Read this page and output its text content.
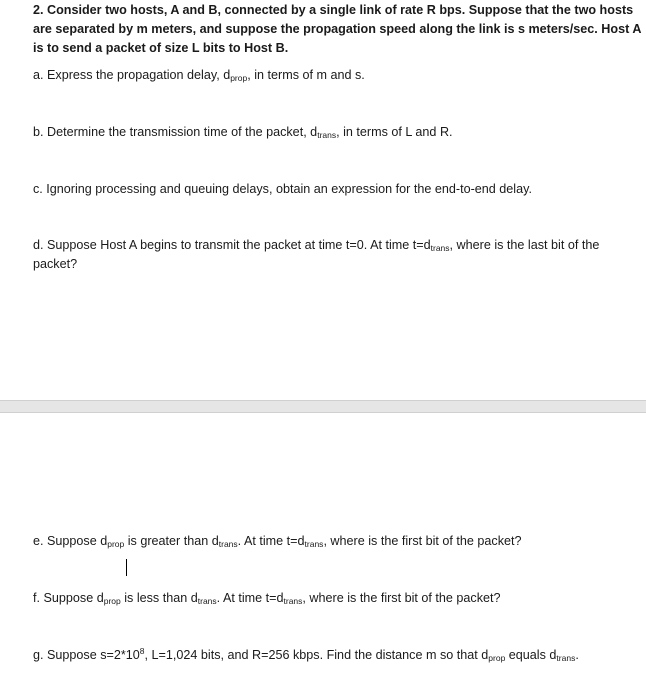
2. Consider two hosts, A and B, connected by a single link of rate R bps. Suppose that the two hosts
are separated by m meters, and suppose the propagation speed along the link is s meters/sec. Host A
is to send a packet of size L bits to Host B.
a. Express the propagation delay, $d_{prop}$, in terms of m and s.
b. Determine the transmission time of the packet, $d_{trans}$, in terms of L and R.
c. Ignoring processing and queuing delays, obtain an expression for the end-to-end delay.
d. Suppose Host A begins to transmit the packet at time t=0. At time $t=d_{trans}$, where is the last bit of the
packet?
e. Suppose $d_{prop}$ is greater than $d_{trans}$. At time $t=d_{trans}$, where is the first bit of the packet?
f. Suppose $d_{prop}$ is less than $d_{trans}$. At time $t=d_{trans}$, where is the first bit of the packet?
g. Suppose $s=2*10^8$, L=1,024 bits, and R=256 kbps. Find the distance m so that $d_{prop}$ equals $d_{trans}$.
